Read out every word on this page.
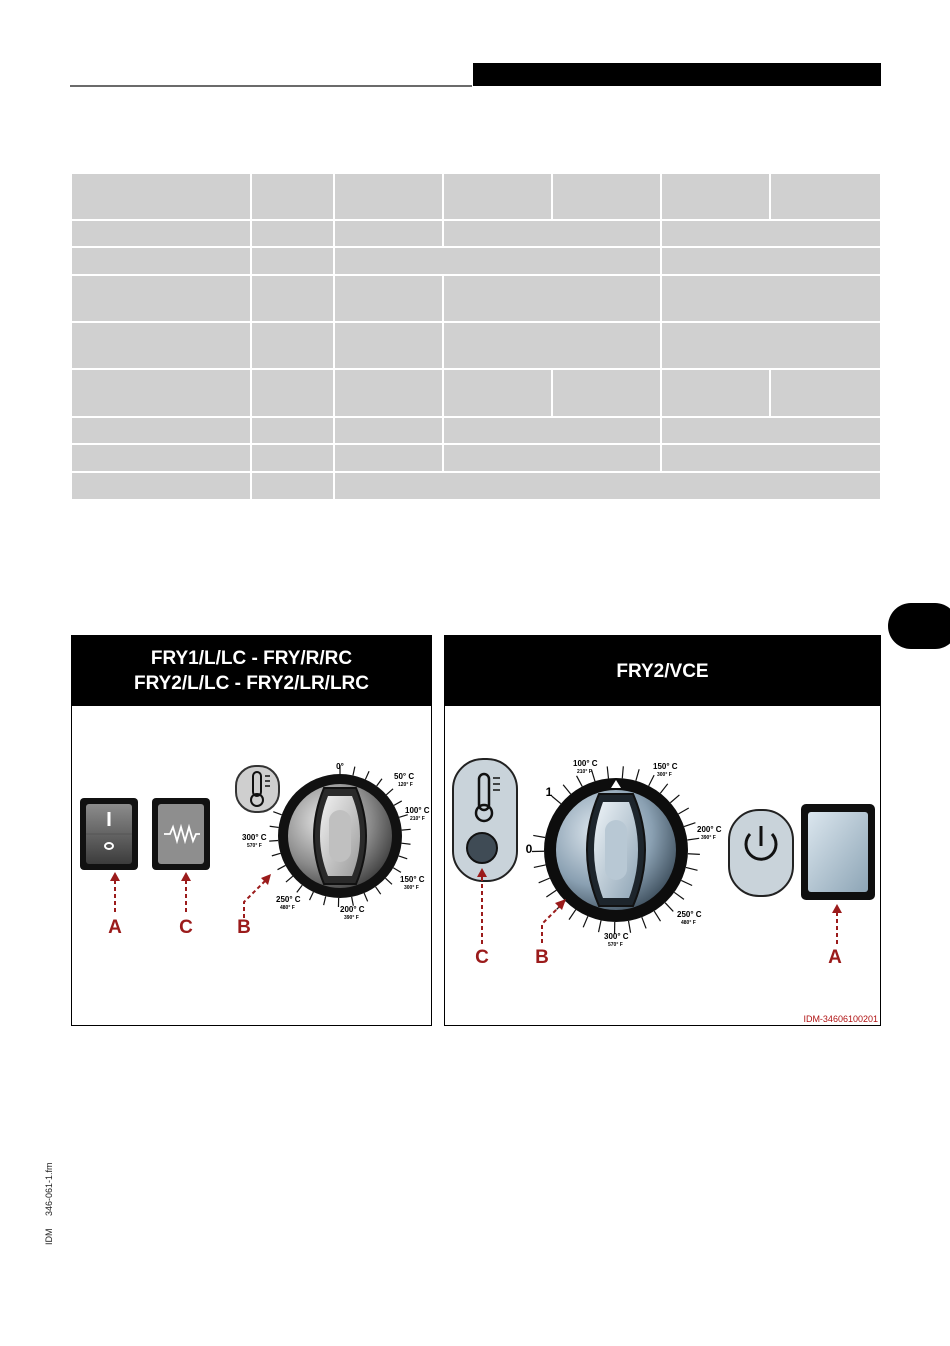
FRY1/L/LC - FRY/R/RC
FRY2/L/LC - FRY2/LR/LRC
0°
50° C
120° F
100° C
210° F
150° C
300° F
200° C
390° F
250° C
480° F
300° C
570° F
A	C B
FRY2/VCE
0
1
100° C
210° F
150° C
300° F
200° C
390° F
250° C
480° F
300° C
570° F
C B	A
IDM-34606100201
IDM     346-061-1.fm
